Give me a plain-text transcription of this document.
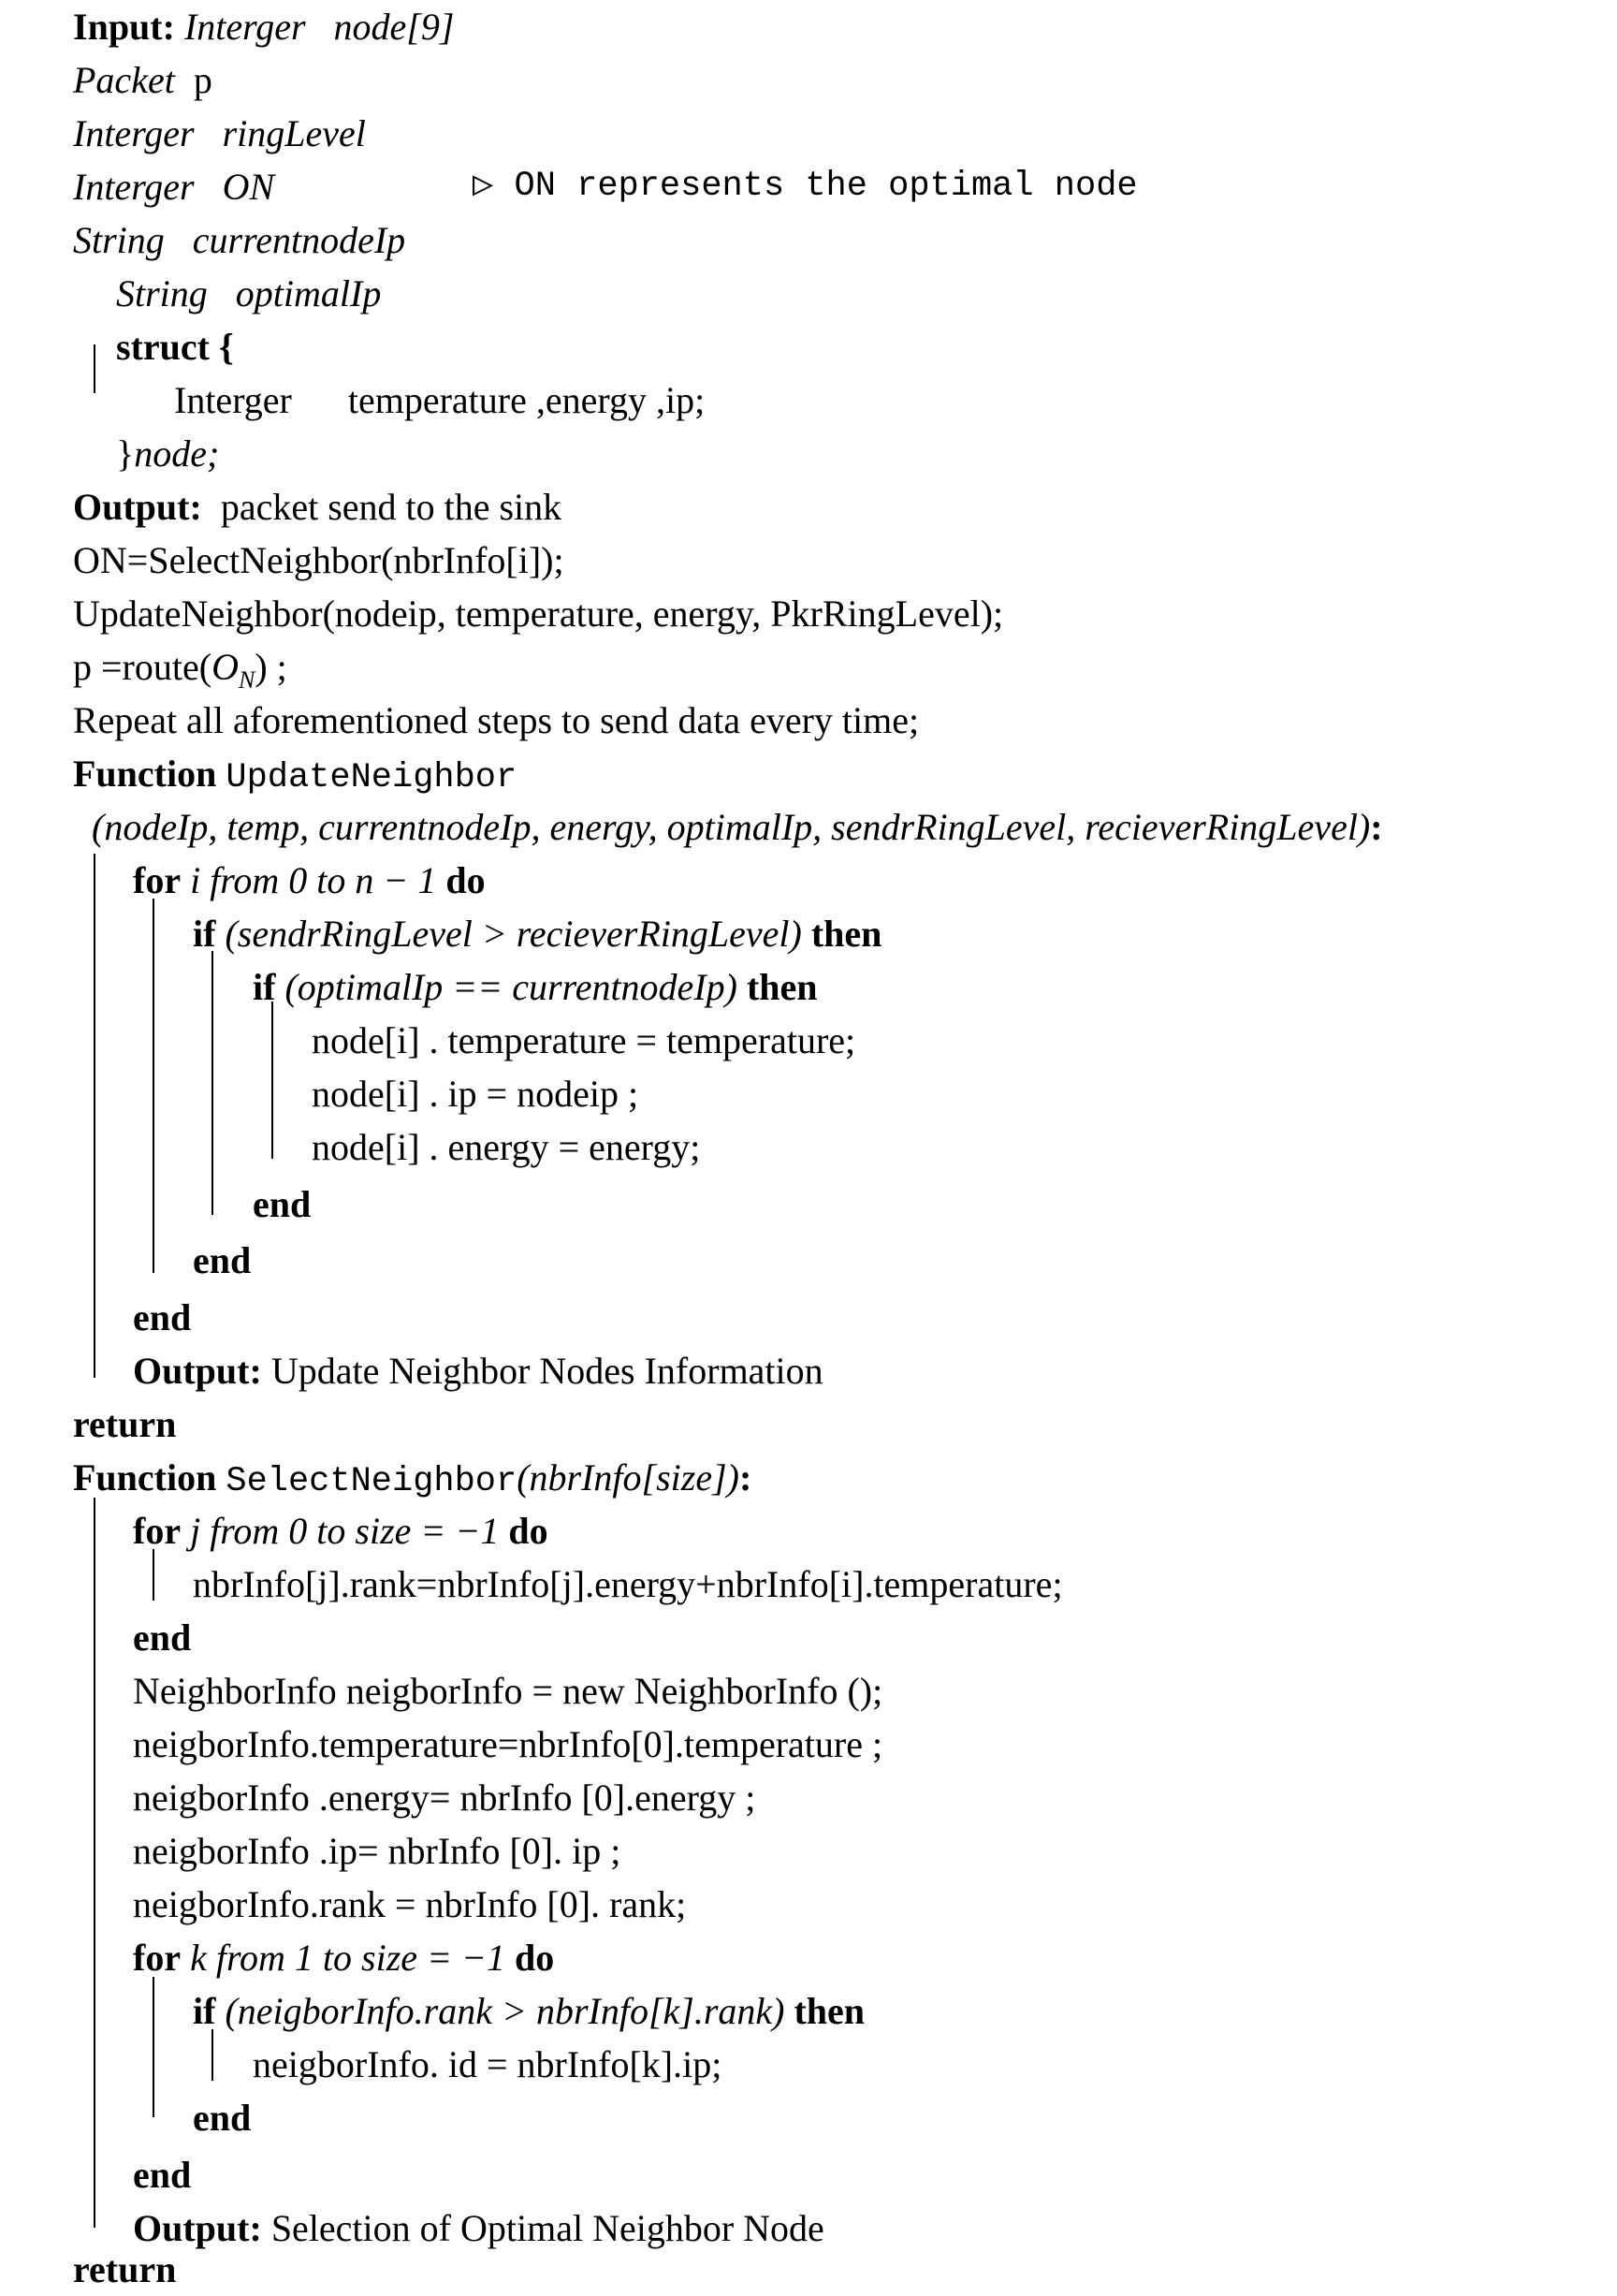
Input: Interger node[9]
Packet p
Interger ringLevel
Interger ON	▷ ON represents the optimal node
String currentnodeIp
String optimalIp
struct {
Interger temperature ,energy ,ip;
}node;
Output: packet send to the sink
ON=SelectNeighbor(nbrInfo[i]);
UpdateNeighbor(nodeip, temperature, energy, PkrRingLevel);
$p =route(O_N)$ ;
Repeat all aforementioned steps to send data every time;
Function UpdateNeighbor
(nodeIp, temp, currentnodeIp, energy, optimalIp, sendrRingLevel, recieverRingLevel):
for i from 0 to n − 1 do
if (sendrRingLevel > recieverRingLevel) then
if (optimalIp == currentnodeIp) then
node[i] . temperature = temperature;
node[i] . ip = nodeip ;
node[i] . energy = energy;
end
end
end
Output: Update Neighbor Nodes Information
return
Function SelectNeighbor(nbrInfo[size]):
for j from 0 to size = −1 do
nbrInfo[j].rank=nbrInfo[j].energy+nbrInfo[i].temperature;
end
NeighborInfo neigborInfo = new NeighborInfo ();
neigborInfo.temperature=nbrInfo[0].temperature ;
neigborInfo .energy= nbrInfo [0].energy ;
neigborInfo .ip= nbrInfo [0]. ip ;
neigborInfo.rank = nbrInfo [0]. rank;
for k from 1 to size = −1 do
if (neigborInfo.rank > nbrInfo[k].rank) then
neigborInfo. id = nbrInfo[k].ip;
end
end
Output: Selection of Optimal Neighbor Node
return
